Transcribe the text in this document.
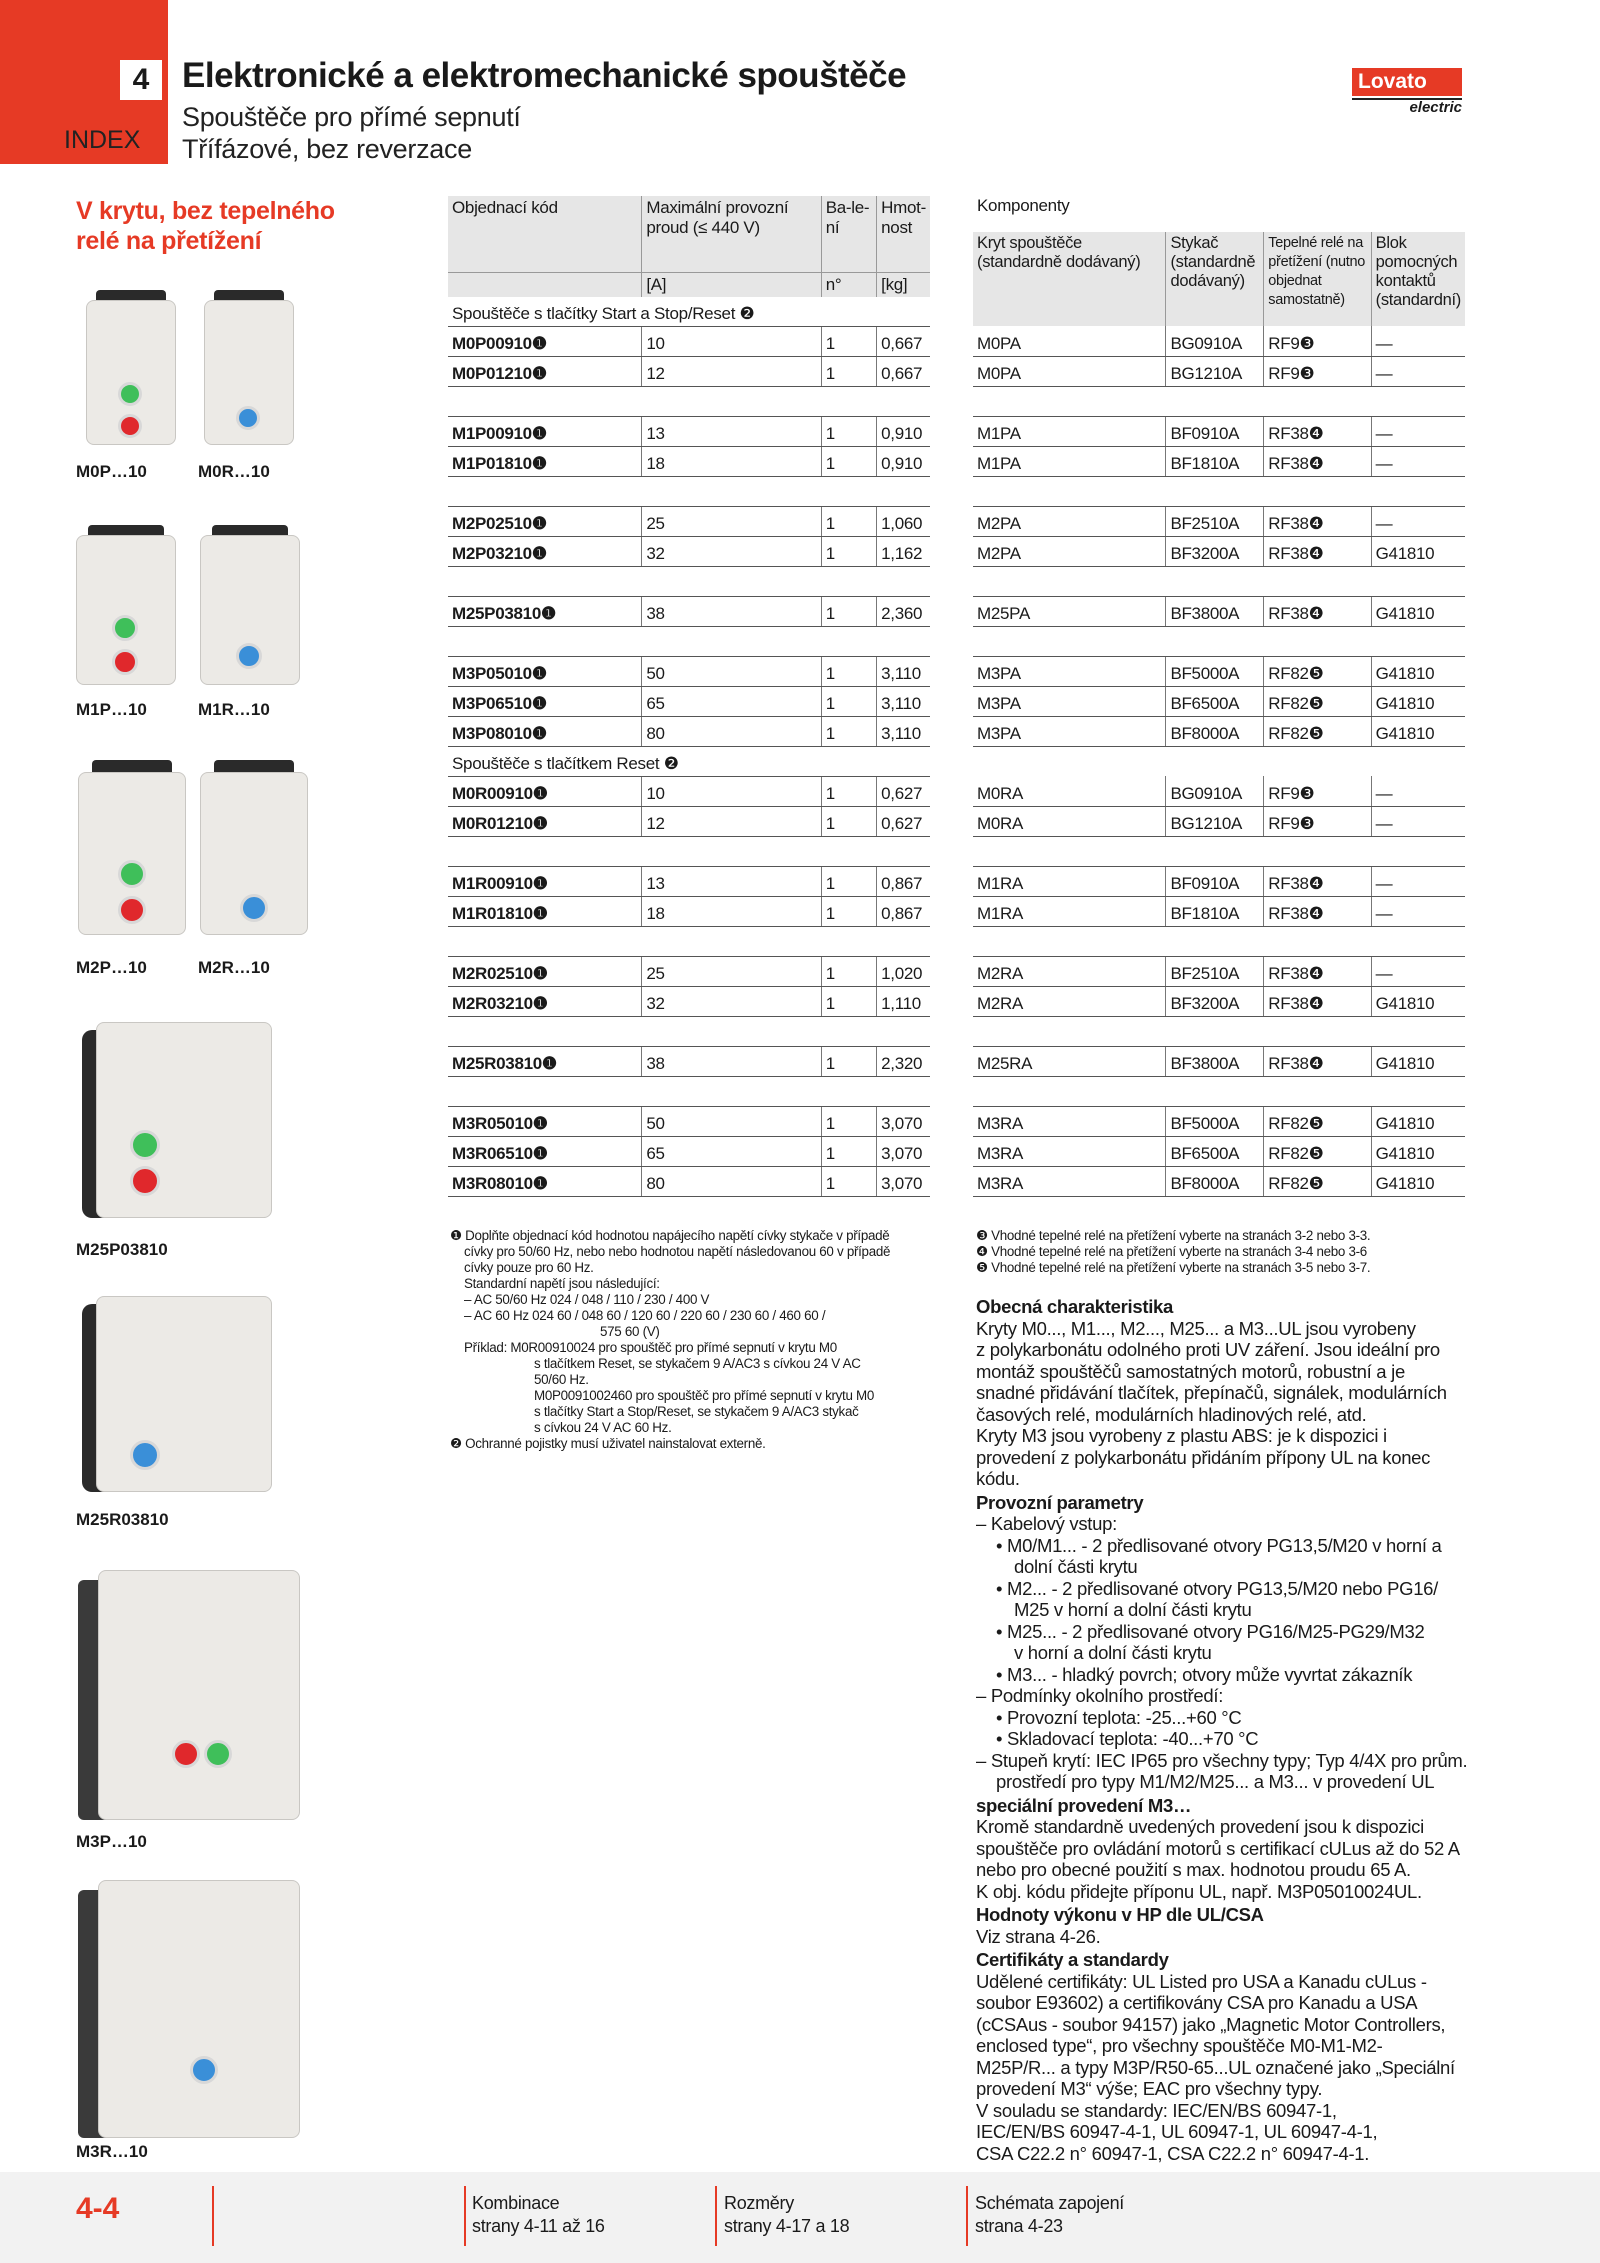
4
INDEX
Elektronické a elektromechanické spouštěče
Spouštěče pro přímé sepnutí
Třífázové, bez reverzace
Lovato
electric
V krytu, bez tepelného
relé na přetížení
M0P…10	M0R…10
M1P…10	M1R…10
M2P…10	M2R…10
M25P03810
M25R03810
M3P…10
M3R…10
Objednací kód	Maximální provozní proud (≤ 440 V)	Ba-le-ní	Hmot-nost
	[A]	n°	[kg]
Spouštěče s tlačítky Start a Stop/Reset ❷			
M0P00910❶	10	1	0,667
M0P01210❶	12	1	0,667

M1P00910❶	13	1	0,910
M1P01810❶	18	1	0,910

M2P02510❶	25	1	1,060
M2P03210❶	32	1	1,162

M25P03810❶	38	1	2,360

M3P05010❶	50	1	3,110
M3P06510❶	65	1	3,110
M3P08010❶	80	1	3,110
Spouštěče s tlačítkem Reset ❷			
M0R00910❶	10	1	0,627
M0R01210❶	12	1	0,627

M1R00910❶	13	1	0,867
M1R01810❶	18	1	0,867

M2R02510❶	25	1	1,020
M2R03210❶	32	1	1,110

M25R03810❶	38	1	2,320

M3R05010❶	50	1	3,070
M3R06510❶	65	1	3,070
M3R08010❶	80	1	3,070
Komponenty
Kryt spouštěče (standardně dodávaný)	Stykač (standardně dodávaný)	Tepelné relé na přetížení (nutno objednat samostatně)	Blok pomocných kontaktů (standardní)
M0PA	BG0910A	RF9❸	—
M0PA	BG1210A	RF9❸	—

M1PA	BF0910A	RF38❹	—
M1PA	BF1810A	RF38❹	—

M2PA	BF2510A	RF38❹	—
M2PA	BF3200A	RF38❹	G41810

M25PA	BF3800A	RF38❹	G41810

M3PA	BF5000A	RF82❺	G41810
M3PA	BF6500A	RF82❺	G41810
M3PA	BF8000A	RF82❺	G41810

M0RA	BG0910A	RF9❸	—
M0RA	BG1210A	RF9❸	—

M1RA	BF0910A	RF38❹	—
M1RA	BF1810A	RF38❹	—

M2RA	BF2510A	RF38❹	—
M2RA	BF3200A	RF38❹	G41810

M25RA	BF3800A	RF38❹	G41810

M3RA	BF5000A	RF82❺	G41810
M3RA	BF6500A	RF82❺	G41810
M3RA	BF8000A	RF82❺	G41810
❶ Doplňte objednací kód hodnotou napájecího napětí cívky stykače v případě
cívky pro 50/60 Hz, nebo nebo hodnotou napětí následovanou 60 v případě
cívky pouze pro 60 Hz.
Standardní napětí jsou následující:
– AC 50/60 Hz 024 / 048 / 110 / 230 / 400 V
– AC 60 Hz 024 60 / 048 60 / 120 60 / 220 60 / 230 60 / 460 60 /
575 60 (V)
Příklad: M0R00910024 pro spouštěč pro přímé sepnutí v krytu M0
s tlačítkem Reset, se stykačem 9 A/AC3 s cívkou 24 V AC
50/60 Hz.
M0P0091002460 pro spouštěč pro přímé sepnutí v krytu M0
s tlačítky Start a Stop/Reset, se stykačem 9 A/AC3 stykač
s cívkou 24 V AC 60 Hz.
❷ Ochranné pojistky musí uživatel nainstalovat externě.
❸ Vhodné tepelné relé na přetížení vyberte na stranách 3-2 nebo 3-3.
❹ Vhodné tepelné relé na přetížení vyberte na stranách 3-4 nebo 3-6
❺ Vhodné tepelné relé na přetížení vyberte na stranách 3-5 nebo 3-7.
Obecná charakteristika
Kryty M0..., M1..., M2..., M25... a M3...UL jsou vyrobeny
z polykarbonátu odolného proti UV záření. Jsou ideální pro
montáž spouštěčů samostatných motorů, robustní a je
snadné přidávání tlačítek, přepínačů, signálek, modulárních
časových relé, modulárních hladinových relé, atd.
Kryty M3 jsou vyrobeny z plastu ABS: je k dispozici i
provedení z polykarbonátu přidáním přípony UL na konec kódu.
Provozní parametry
– Kabelový vstup:
• M0/M1... - 2 předlisované otvory PG13,5/M20 v horní a
dolní části krytu
• M2... - 2 předlisované otvory PG13,5/M20 nebo PG16/
M25 v horní a dolní části krytu
• M25... - 2 předlisované otvory PG16/M25-PG29/M32
v horní a dolní části krytu
• M3... - hladký povrch; otvory může vyvrtat zákazník
– Podmínky okolního prostředí:
• Provozní teplota: -25...+60 °C
• Skladovací teplota: -40...+70 °C
– Stupeň krytí: IEC IP65 pro všechny typy; Typ 4/4X pro prům.
prostředí pro typy M1/M2/M25... a M3... v provedení UL
speciální provedení M3…
Kromě standardně uvedených provedení jsou k dispozici
spouštěče pro ovládání motorů s certifikací cULus až do 52 A
nebo pro obecné použití s max. hodnotou proudu 65 A.
K obj. kódu přidejte příponu UL, např. M3P05010024UL.
Hodnoty výkonu v HP dle UL/CSA
Viz strana 4-26.
Certifikáty a standardy
Udělené certifikáty: UL Listed pro USA a Kanadu cULus -
soubor E93602) a certifikovány CSA pro Kanadu a USA
(cCSAus - soubor 94157) jako „Magnetic Motor Controllers,
enclosed type“, pro všechny spouštěče M0-M1-M2-
M25P/R... a typy M3P/R50-65...UL označené jako „Speciální
provedení M3“ výše; EAC pro všechny typy.
V souladu se standardy: IEC/EN/BS 60947-1,
IEC/EN/BS 60947-4-1, UL 60947-1, UL 60947-4-1,
CSA C22.2 n° 60947-1, CSA C22.2 n° 60947-4-1.
4-4	Kombinace
strany 4-11 až 16
Rozměry
strany 4-17 a 18
Schémata zapojení
strana 4-23
